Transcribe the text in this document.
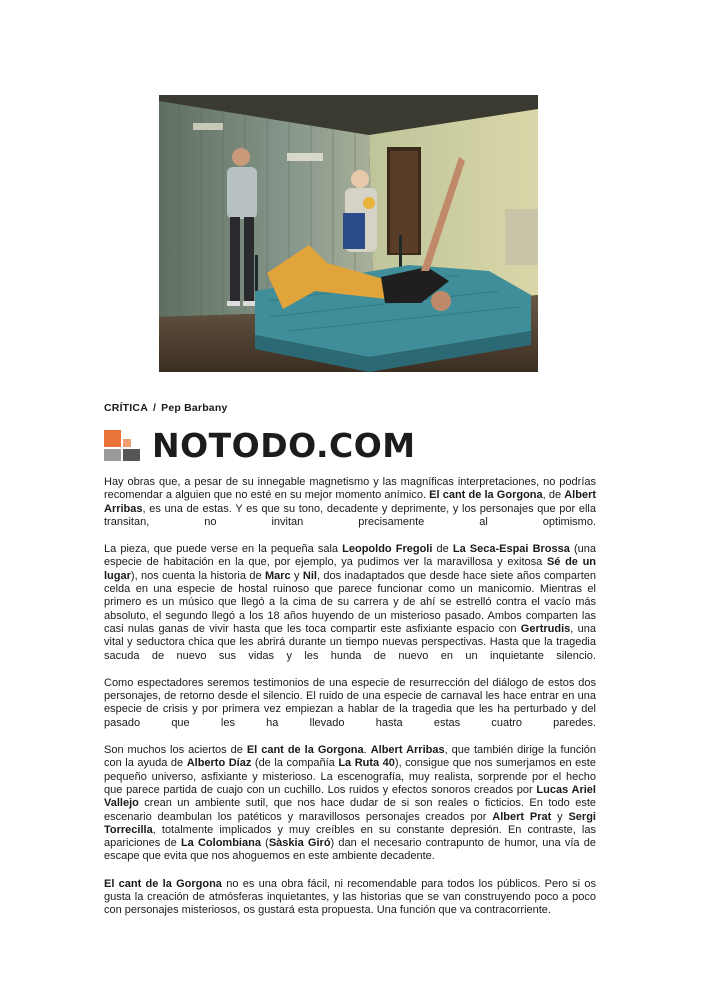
CRÍTICA / Pep Barbany
NOTODO.COM

Hay obras que, a pesar de su innegable magnetismo y las magníficas interpretaciones, no podrías recomendar a alguien que no esté en su mejor momento anímico. El cant de la Gorgona, de Albert Arribas, es una de estas. Y es que su tono, decadente y deprimente, y los personajes que por ella transitan, no invitan precisamente al optimismo.

La pieza, que puede verse en la pequeña sala Leopoldo Fregoli de La Seca-Espai Brossa (una especie de habitación en la que, por ejemplo, ya pudimos ver la maravillosa y exitosa Sé de un lugar), nos cuenta la historia de Marc y Nil, dos inadaptados que desde hace siete años comparten celda en una especie de hostal ruinoso que parece funcionar como un manicomio. Mientras el primero es un músico que llegó a la cima de su carrera y de ahí se estrelló contra el vacío más absoluto, el segundo llegó a los 18 años huyendo de un misterioso pasado. Ambos comparten las casi nulas ganas de vivir hasta que les toca compartir este asfixiante espacio con Gertrudis, una vital y seductora chica que les abrirá durante un tiempo nuevas perspectivas. Hasta que la tragedia sacuda de nuevo sus vidas y les hunda de nuevo en un inquietante silencio.

Como espectadores seremos testimonios de una especie de resurrección del diálogo de estos dos personajes, de retorno desde el silencio. El ruido de una especie de carnaval les hace entrar en una especie de crisis y por primera vez empiezan a hablar de la tragedia que les ha perturbado y del pasado que les ha llevado hasta estas cuatro paredes.

Son muchos los aciertos de El cant de la Gorgona. Albert Arribas, que también dirige la función con la ayuda de Alberto Díaz (de la compañía La Ruta 40), consigue que nos sumerjamos en este pequeño universo, asfixiante y misterioso. La escenografía, muy realista, sorprende por el hecho que parece partida de cuajo con un cuchillo. Los ruidos y efectos sonoros creados por Lucas Ariel Vallejo crean un ambiente sutil, que nos hace dudar de si son reales o ficticios. En todo este escenario deambulan los patéticos y maravillosos personajes creados por Albert Prat y Sergi Torrecilla, totalmente implicados y muy creíbles en su constante depresión. En contraste, las apariciones de La Colombiana (Sàskia Giró) dan el necesario contrapunto de humor, una vía de escape que evita que nos ahoguemos en este ambiente decadente.

El cant de la Gorgona no es una obra fácil, ni recomendable para todos los públicos. Pero si os gusta la creación de atmósferas inquietantes, y las historias que se van construyendo poco a poco con personajes misteriosos, os gustará esta propuesta. Una función que va contracorriente.
